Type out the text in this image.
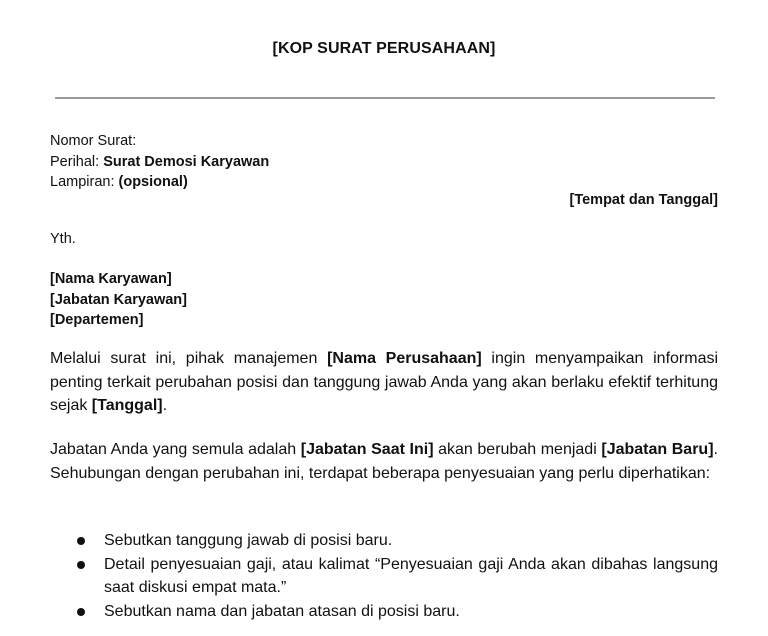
[KOP SURAT PERUSAHAAN]
Nomor Surat:
Perihal: Surat Demosi Karyawan
Lampiran: (opsional)
[Tempat dan Tanggal]
Yth.
[Nama Karyawan]
[Jabatan Karyawan]
[Departemen]

Melalui surat ini, pihak manajemen [Nama Perusahaan] ingin menyampaikan informasi penting terkait perubahan posisi dan tanggung jawab Anda yang akan berlaku efektif terhitung sejak [Tanggal].

Jabatan Anda yang semula adalah [Jabatan Saat Ini] akan berubah menjadi [Jabatan Baru]. Sehubungan dengan perubahan ini, terdapat beberapa penyesuaian yang perlu diperhatikan:

Sebutkan tanggung jawab di posisi baru.
Detail penyesuaian gaji, atau kalimat “Penyesuaian gaji Anda akan dibahas langsung saat diskusi empat mata.”
Sebutkan nama dan jabatan atasan di posisi baru.
